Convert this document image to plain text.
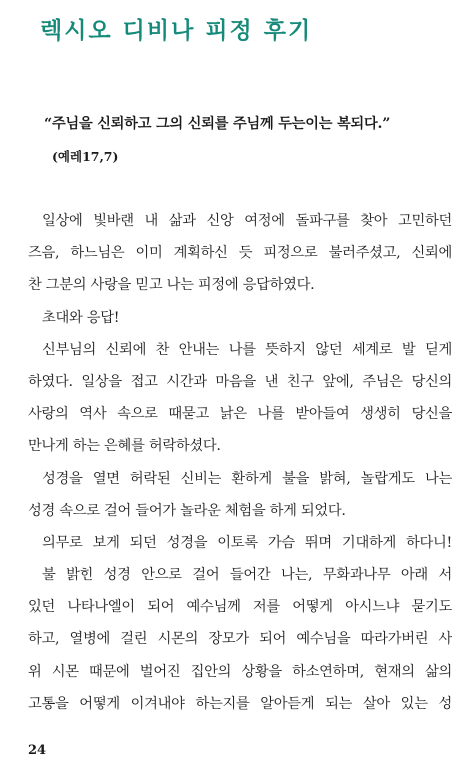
렉시오 디비나 피정 후기
“주님을 신뢰하고 그의 신뢰를 주님께 두는이는 복되다.”
(예레17,7)
일상에 빛바랜 내 삶과 신앙 여정에 돌파구를 찾아 고민하던
즈음, 하느님은 이미 계획하신 듯 피정으로 불러주셨고, 신뢰에
찬 그분의 사랑을 믿고 나는 피정에 응답하였다.
초대와 응답!
신부님의 신뢰에 찬 안내는 나를 뜻하지 않던 세계로 발 딛게
하였다. 일상을 접고 시간과 마음을 낸 친구 앞에, 주님은 당신의
사랑의 역사 속으로 때묻고 낡은 나를 받아들여 생생히 당신을
만나게 하는 은혜를 허락하셨다.
성경을 열면 허락된 신비는 환하게 불을 밝혀, 놀랍게도 나는
성경 속으로 걸어 들어가 놀라운 체험을 하게 되었다.
의무로 보게 되던 성경을 이토록 가슴 뛰며 기대하게 하다니!
불 밝힌 성경 안으로 걸어 들어간 나는, 무화과나무 아래 서
있던 나타나엘이 되어 예수님께 저를 어떻게 아시느냐 묻기도
하고, 열병에 걸린 시몬의 장모가 되어 예수님을 따라가버린 사
위 시몬 때문에 벌어진 집안의 상황을 하소연하며, 현재의 삶의
고통을 어떻게 이겨내야 하는지를 알아듣게 되는 살아 있는 성
24
